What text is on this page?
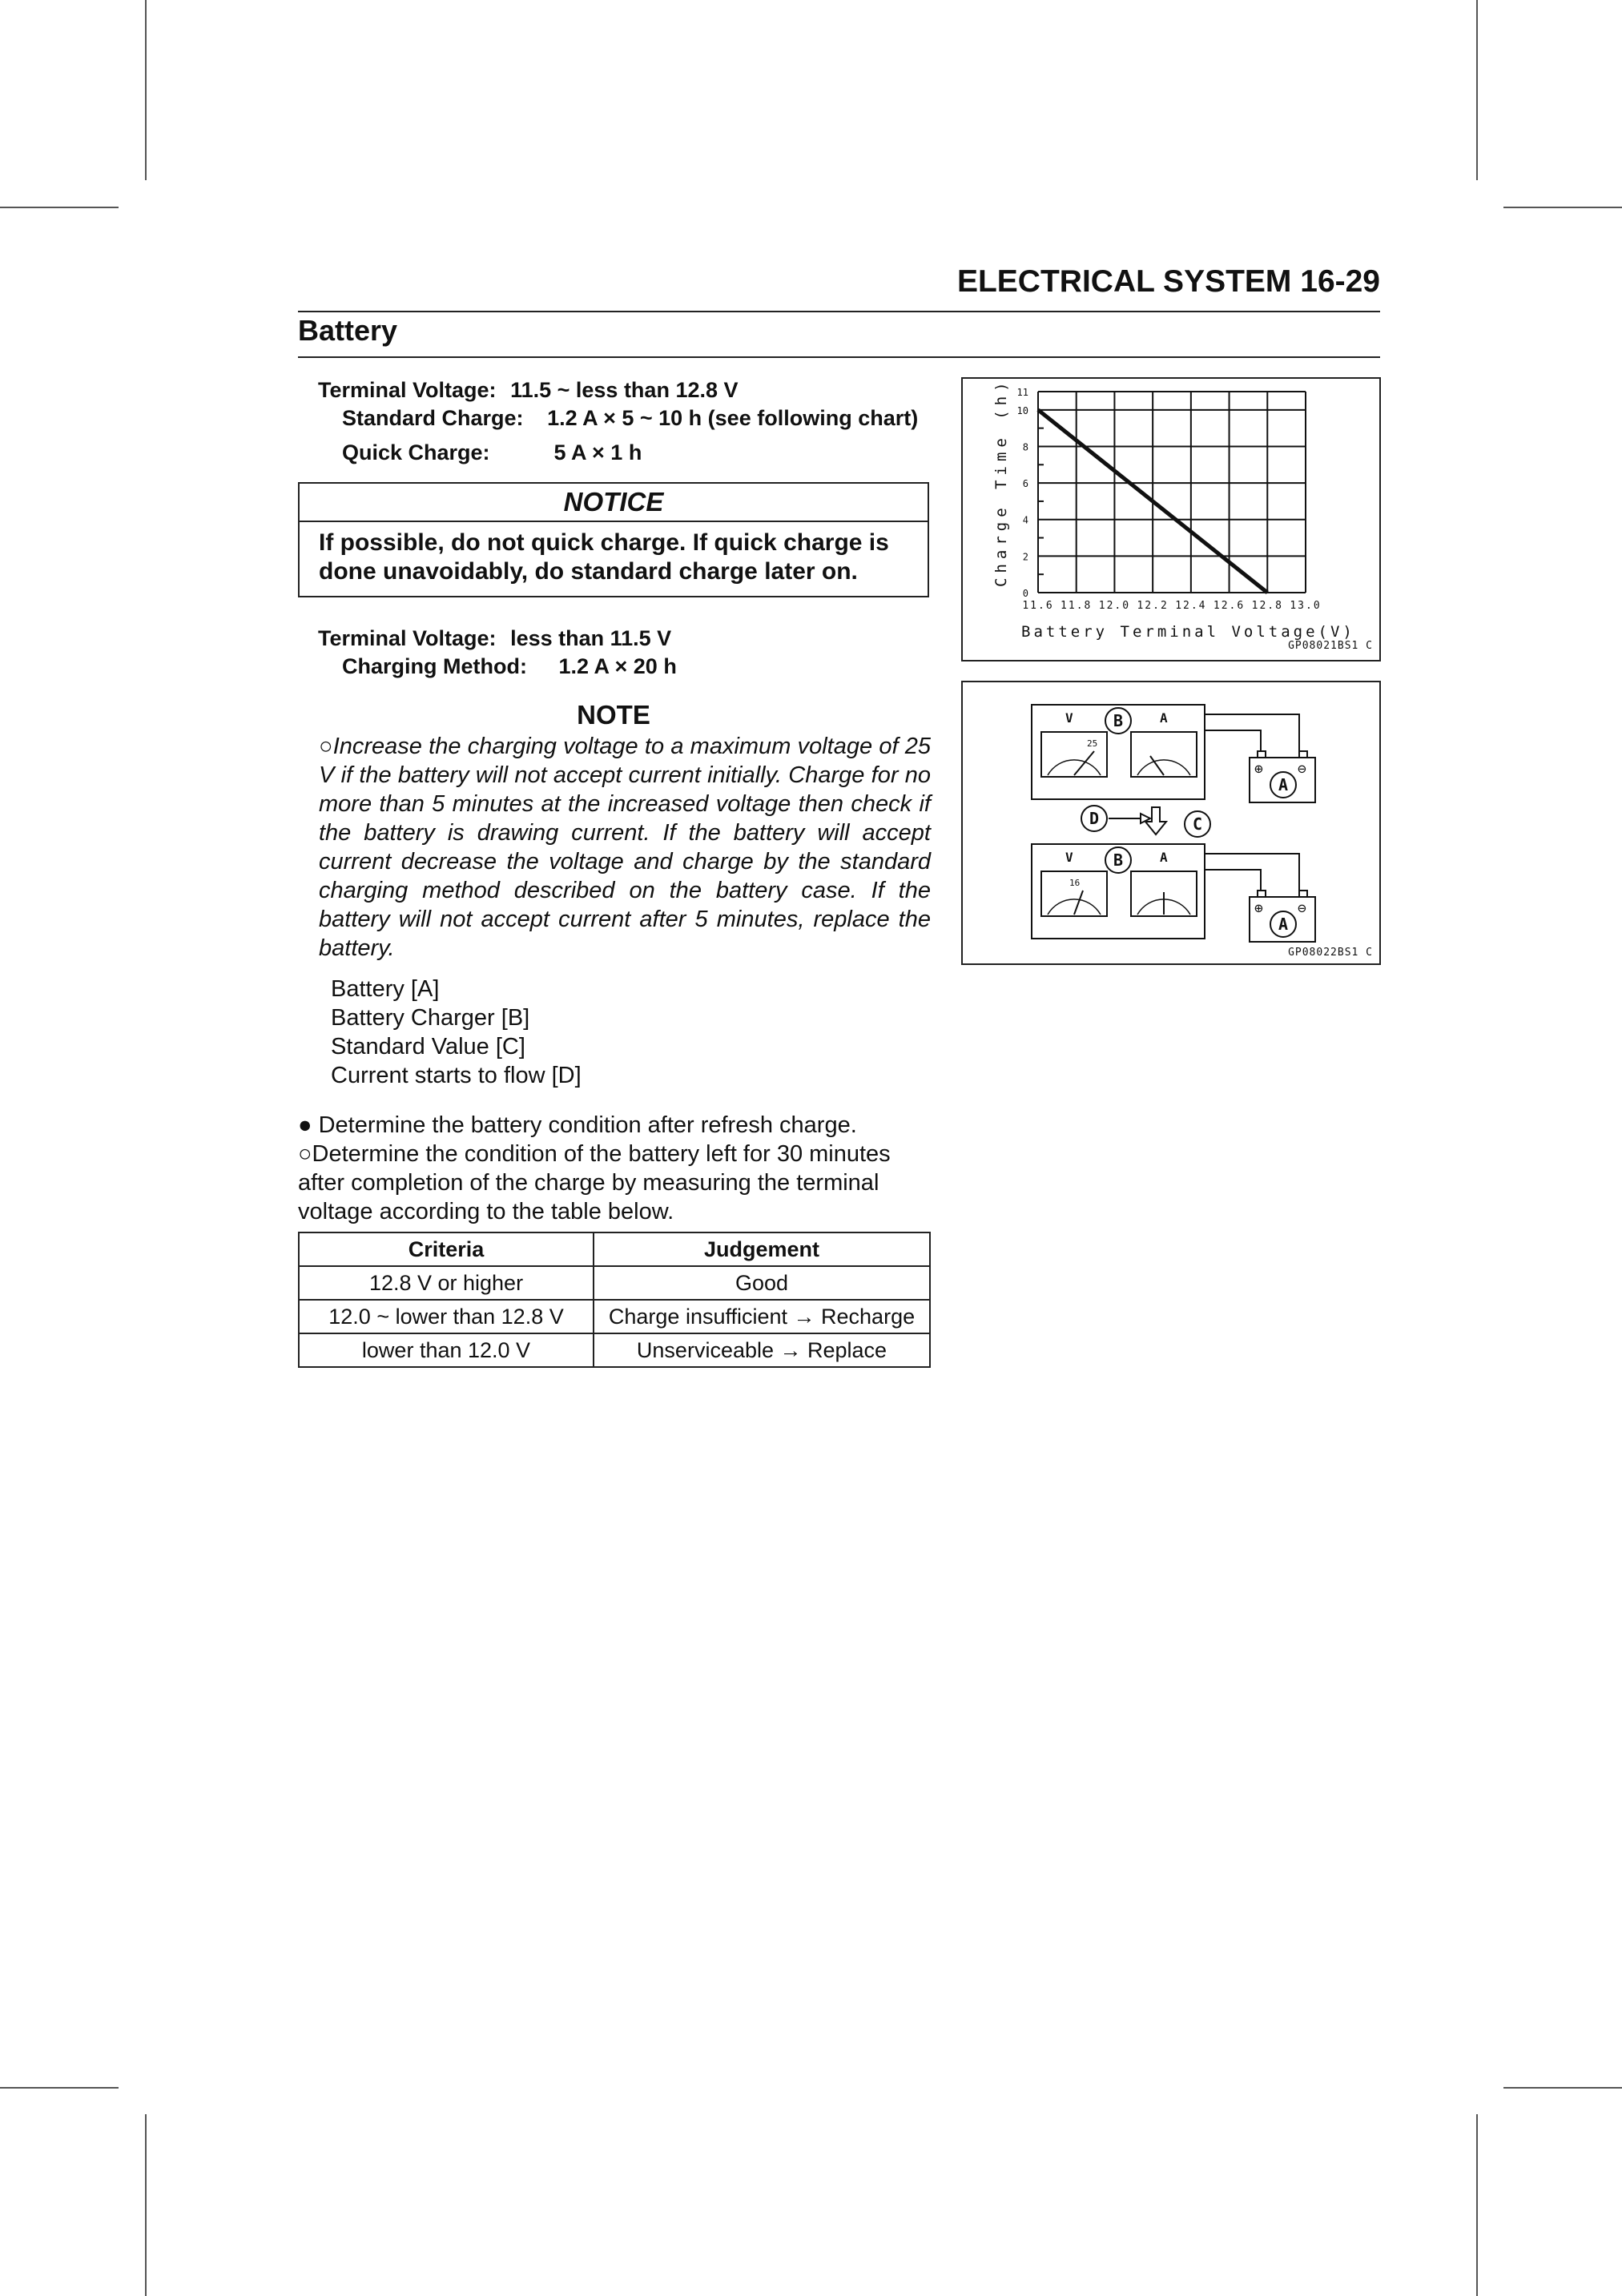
ELECTRICAL SYSTEM 16-29
Battery
Terminal Voltage: 11.5 ~ less than 12.8 V
Standard Charge: 1.2 A × 5 ~ 10 h (see following chart)
Quick Charge:	5 A × 1 h
NOTICE
If possible, do not quick charge. If quick charge is done unavoidably, do standard charge later on.
Terminal Voltage: less than 11.5 V
Charging Method: 1.2 A × 20 h
NOTE
○Increase the charging voltage to a maximum voltage of 25 V if the battery will not accept current initially. Charge for no more than 5 minutes at the increased voltage then check if the battery is drawing current. If the battery will accept current decrease the voltage and charge by the standard charging method described on the battery case. If the battery will not accept current after 5 minutes, replace the battery.
Battery [A]
Battery Charger [B]
Standard Value [C]
Current starts to flow [D]
● Determine the battery condition after refresh charge.
○Determine the condition of the battery left for 30 minutes after completion of the charge by measuring the terminal voltage according to the table below.
Criteria	Judgement
12.8 V or higher	Good
12.0 ~ lower than 12.8 V	Charge insufficient → Recharge
lower than 12.0 V	Unserviceable → Replace
11.6 11.8 12.0 12.2 12.4 12.6 12.8 13.0
0
2
4
6
8
10
11
Battery Terminal Voltage(V)
Charge Time (h)
GP08021BS1 C
V	A
B
25
⊕ ⊖
A
D	C
V	A
B
16
⊕ ⊖
A
GP08022BS1 C
